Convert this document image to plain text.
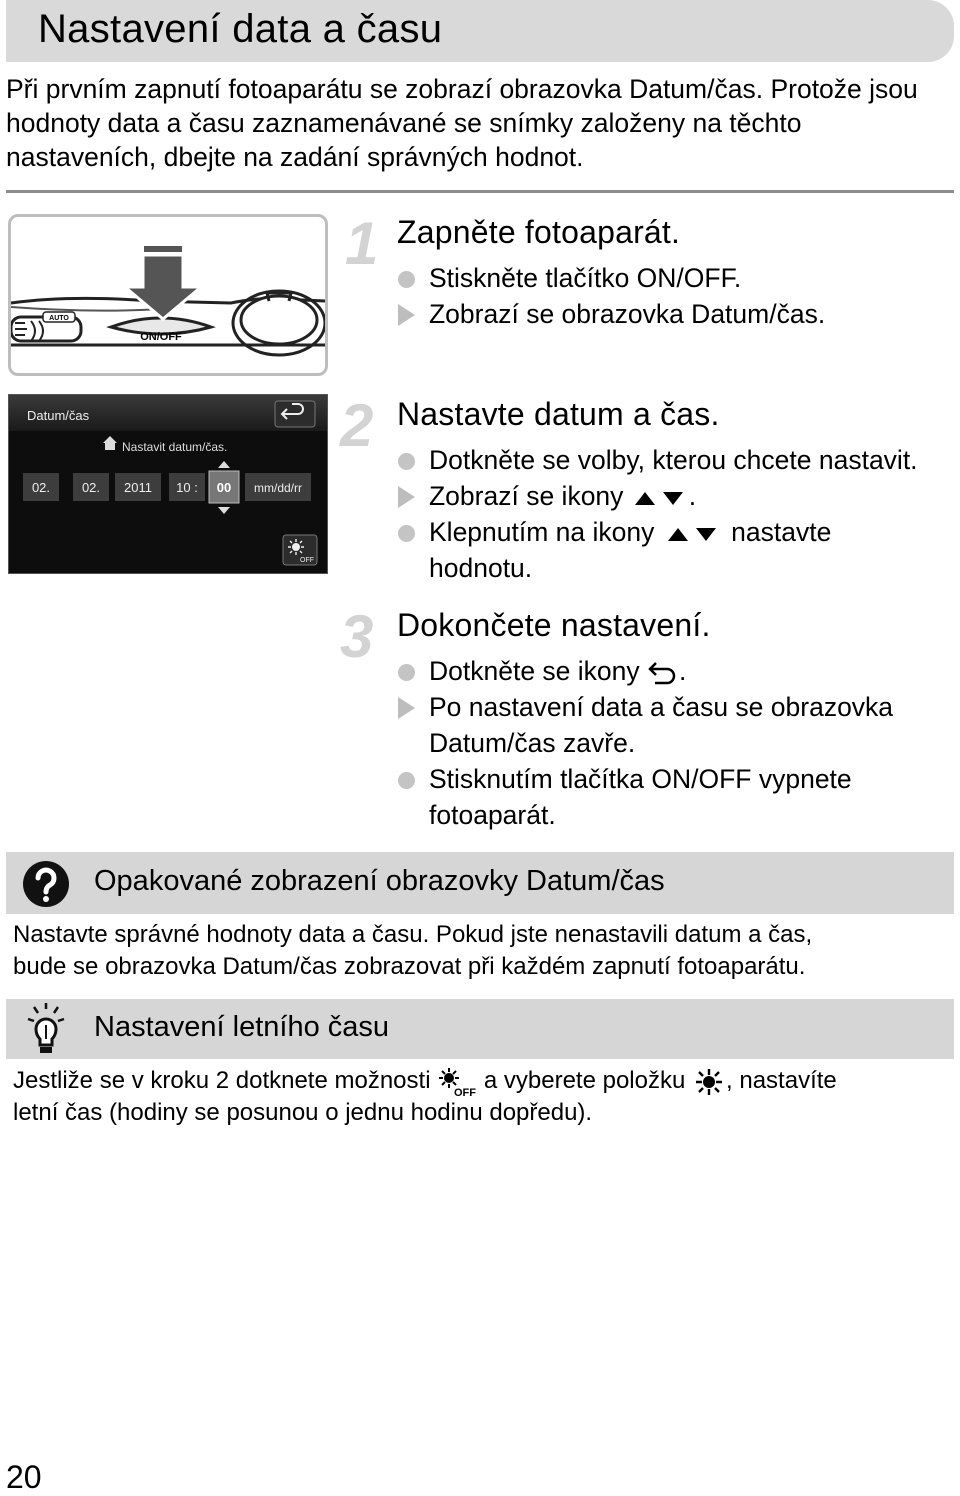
Nastavení data a času
Při prvním zapnutí fotoaparátu se zobrazí obrazovka Datum/čas. Protože jsou hodnoty data a času zaznamenávané se snímky založeny na těchto nastaveních, dbejte na zadání správných hodnot.
AUTO
ON/OFF
Datum/čas
Nastavit datum/čas.
02. 02. 2011 10 : 00 mm/dd/rr
OFF
1 Zapněte fotoaparát.
Stiskněte tlačítko ON/OFF.
Zobrazí se obrazovka Datum/čas.
2 Nastavte datum a čas.
Dotkněte se volby, kterou chcete nastavit.
Zobrazí se ikony .
Klepnutím na ikony	nastavte
hodnotu.
3 Dokončete nastavení.
Dotkněte se ikony .
Po nastavení data a času se obrazovka
Datum/čas zavře.
Stisknutím tlačítka ON/OFF vypnete
fotoaparát.
Opakované zobrazení obrazovky Datum/čas
Nastavte správné hodnoty data a času. Pokud jste nenastavili datum a čas,
bude se obrazovka Datum/čas zobrazovat při každém zapnutí fotoaparátu.
Nastavení letního času
Jestliže se v kroku 2 dotknete možnosti OFF a vyberete položku , nastavíte
letní čas (hodiny se posunou o jednu hodinu dopředu).
20
